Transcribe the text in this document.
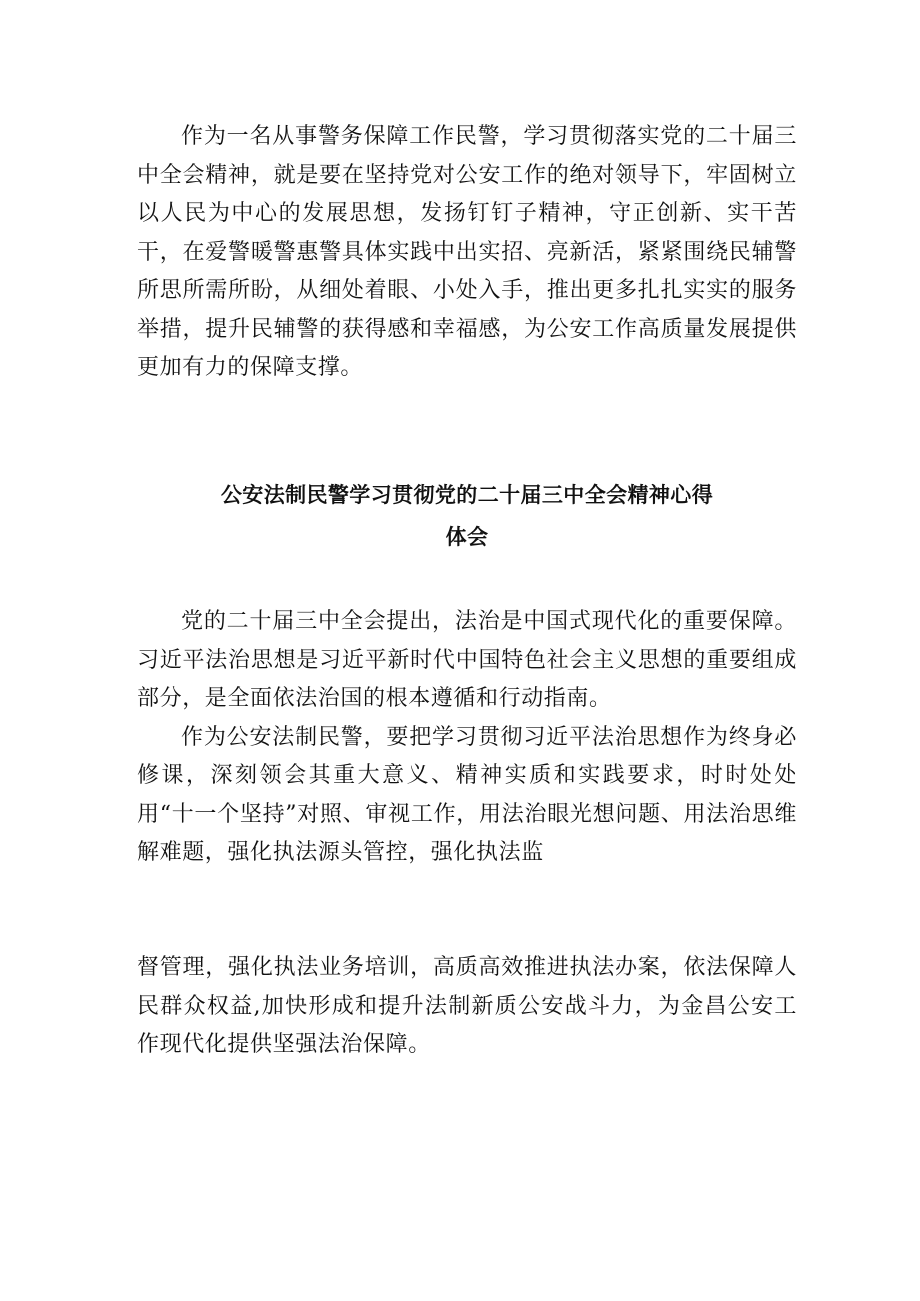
作为一名从事警务保障工作民警，学习贯彻落实党的二十届三中全会精神，就是要在坚持党对公安工作的绝对领导下，牢固树立以人民为中心的发展思想，发扬钉钉子精神，守正创新、实干苦干，在爱警暖警惠警具体实践中出实招、亮新活，紧紧围绕民辅警所思所需所盼，从细处着眼、小处入手，推出更多扎扎实实的服务举措，提升民辅警的获得感和幸福感，为公安工作高质量发展提供更加有力的保障支撑。

公安法制民警学习贯彻党的二十届三中全会精神心得
体会

党的二十届三中全会提出，法治是中国式现代化的重要保障。习近平法治思想是习近平新时代中国特色社会主义思想的重要组成部分，是全面依法治国的根本遵循和行动指南。

作为公安法制民警，要把学习贯彻习近平法治思想作为终身必修课，深刻领会其重大意义、精神实质和实践要求，时时处处用“十一个坚持”对照、审视工作，用法治眼光想问题、用法治思维解难题，强化执法源头管控，强化执法监

督管理，强化执法业务培训，高质高效推进执法办案，依法保障人民群众权益,加快形成和提升法制新质公安战斗力，为金昌公安工作现代化提供坚强法治保障。
